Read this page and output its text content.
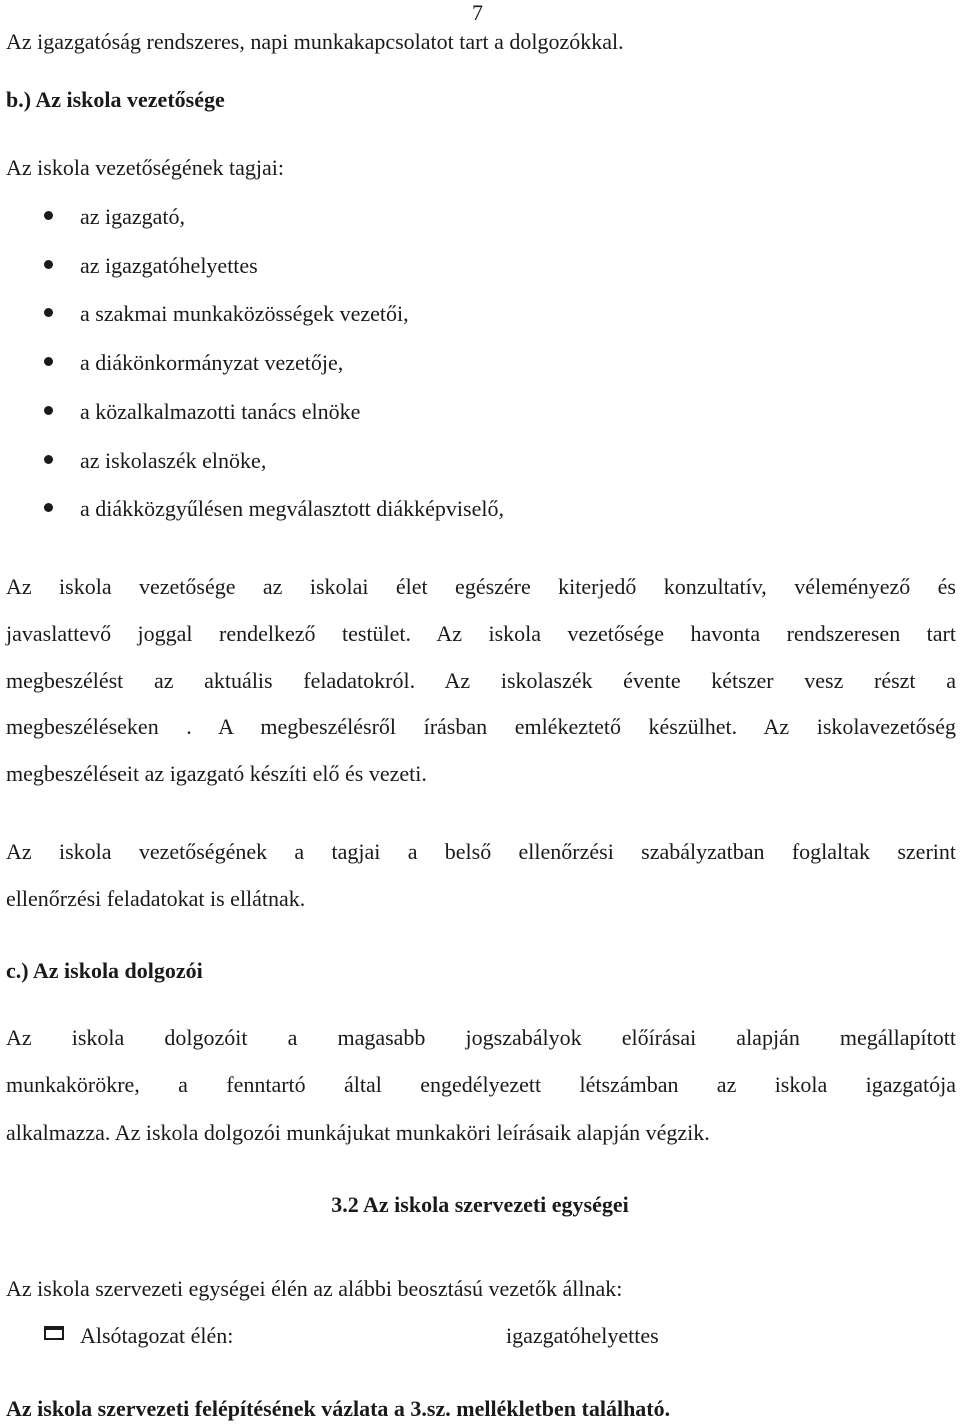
7
Az igazgatóság rendszeres, napi munkakapcsolatot tart a dolgozókkal.
b.) Az iskola vezetősége
Az iskola vezetőségének tagjai:
az igazgató,
az igazgatóhelyettes
a szakmai munkaközösségek vezetői,
a diákönkormányzat vezetője,
a közalkalmazotti tanács elnöke
az iskolaszék elnöke,
a diákközgyűlésen megválasztott diákképviselő,
Az iskola vezetősége az iskolai élet egészére kiterjedő konzultatív, véleményező és
javaslattevő joggal rendelkező testület. Az iskola vezetősége havonta rendszeresen tart
megbeszélést az aktuális feladatokról. Az iskolaszék évente kétszer vesz részt a
megbeszéléseken . A megbeszélésről írásban emlékeztető készülhet. Az iskolavezetőség
megbeszéléseit az igazgató készíti elő és vezeti.
Az iskola vezetőségének a tagjai a belső ellenőrzési szabályzatban foglaltak szerint
ellenőrzési feladatokat is ellátnak.
c.) Az iskola dolgozói
Az iskola dolgozóit a magasabb jogszabályok előírásai alapján megállapított
munkakörökre, a fenntartó által engedélyezett létszámban az iskola igazgatója
alkalmazza. Az iskola dolgozói munkájukat munkaköri leírásaik alapján végzik.
3.2 Az iskola szervezeti egységei
Az iskola szervezeti egységei élén az alábbi beosztású vezetők állnak:
Alsótagozat élén:	igazgatóhelyettes
Az iskola szervezeti felépítésének vázlata a 3.sz. mellékletben található.
